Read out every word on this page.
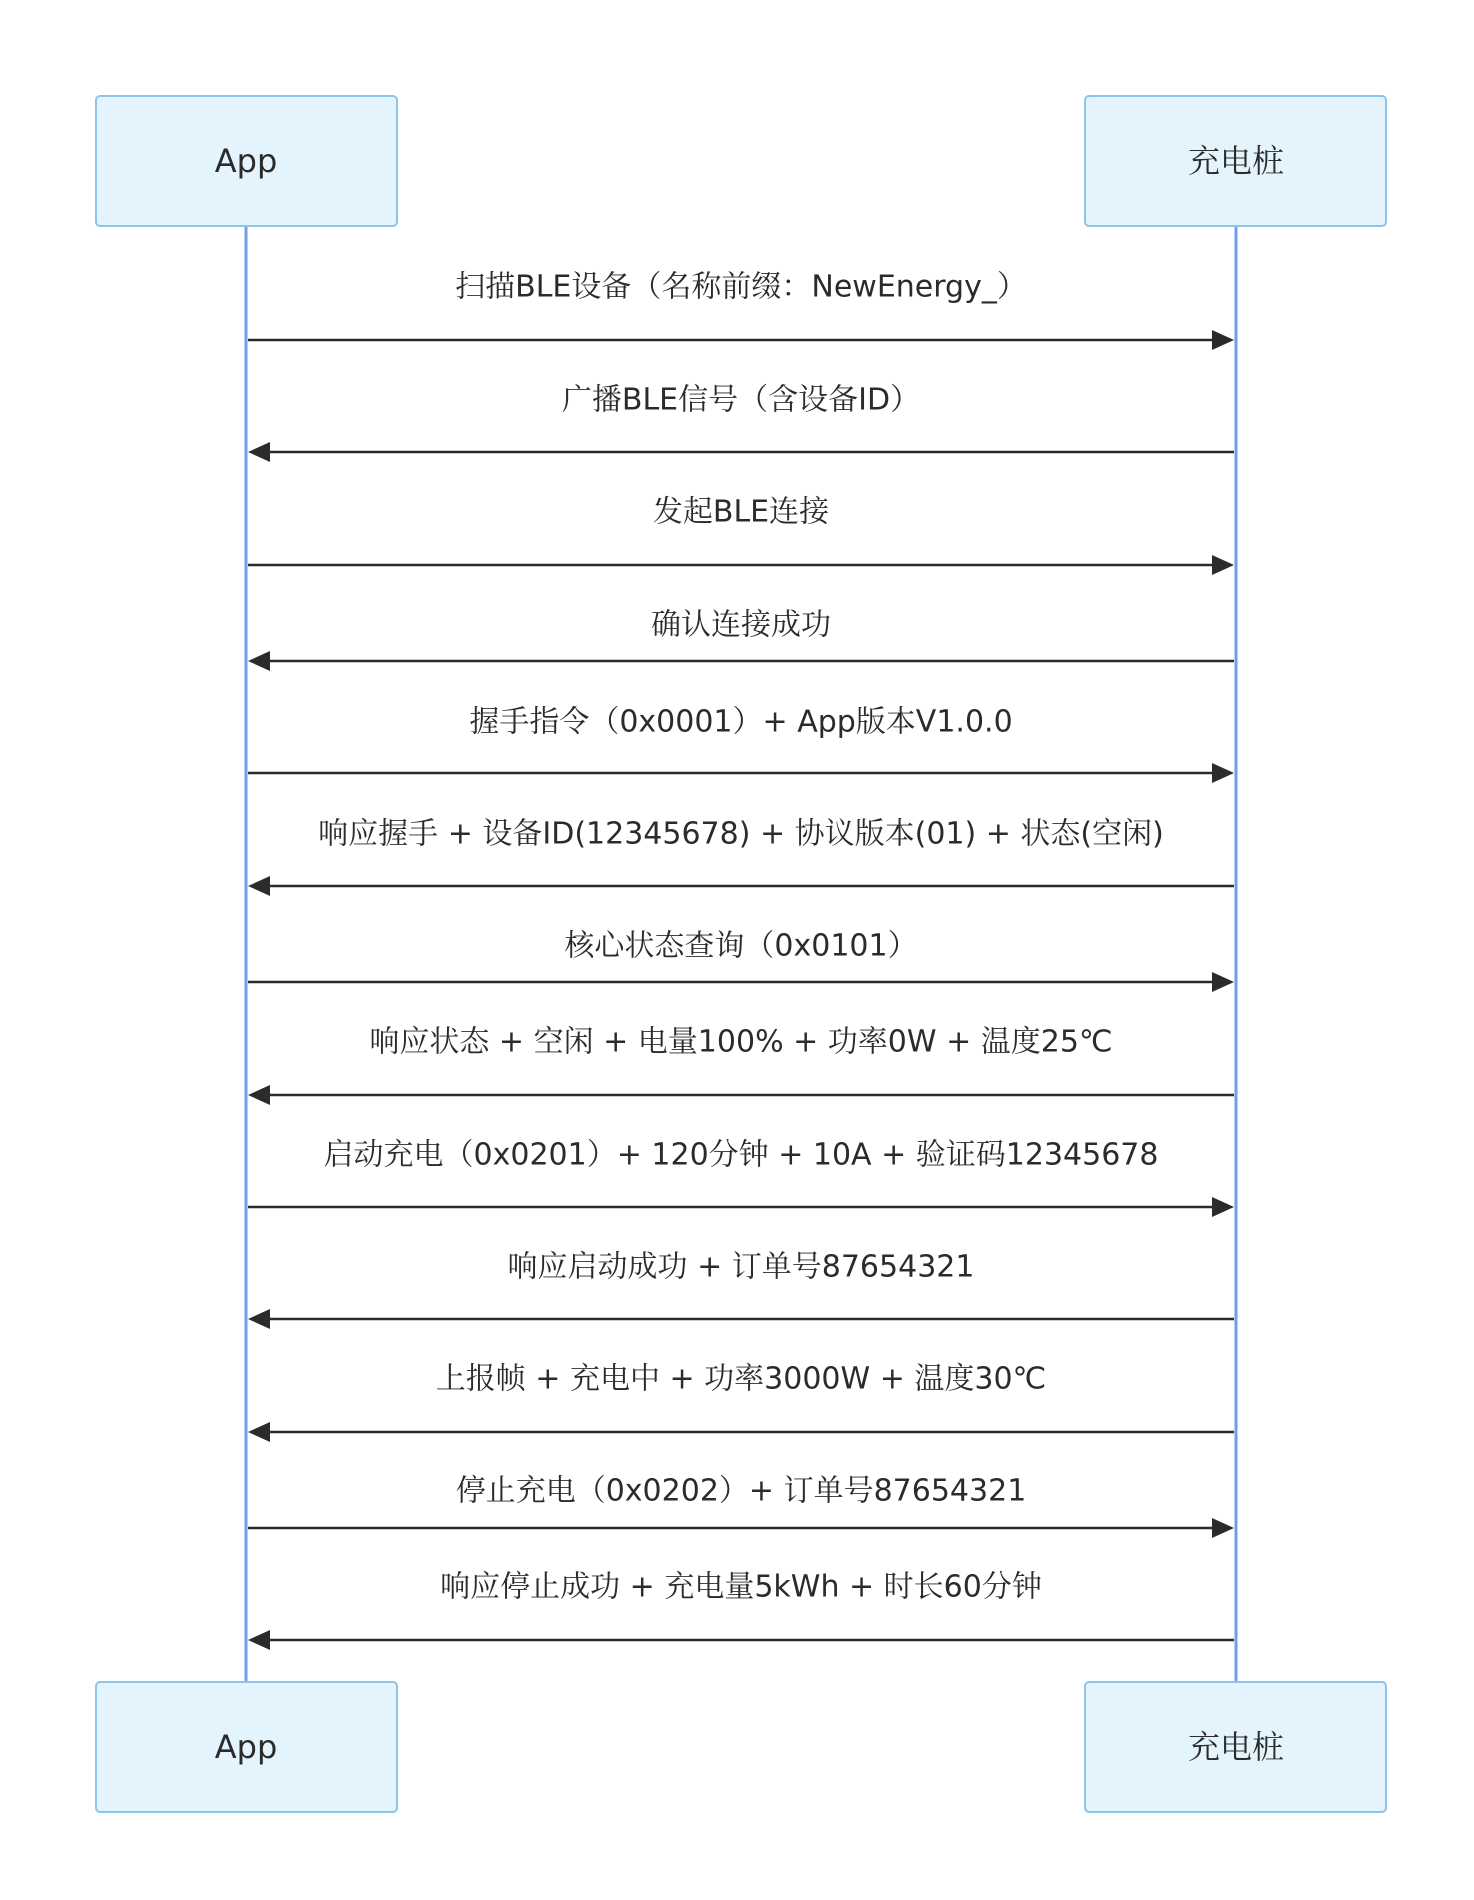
App	充电桩
App	充电桩
扫描BLE设备（名称前缀：NewEnergy_）
广播BLE信号（含设备ID）
发起BLE连接
确认连接成功
握手指令（0x0001）+ App版本V1.0.0
响应握手 + 设备ID(12345678) + 协议版本(01) + 状态(空闲)
核心状态查询（0x0101）
响应状态 + 空闲 + 电量100% + 功率0W + 温度25℃
启动充电（0x0201）+ 120分钟 + 10A + 验证码12345678
响应启动成功 + 订单号87654321
上报帧 + 充电中 + 功率3000W + 温度30℃
停止充电（0x0202）+ 订单号87654321
响应停止成功 + 充电量5kWh + 时长60分钟
